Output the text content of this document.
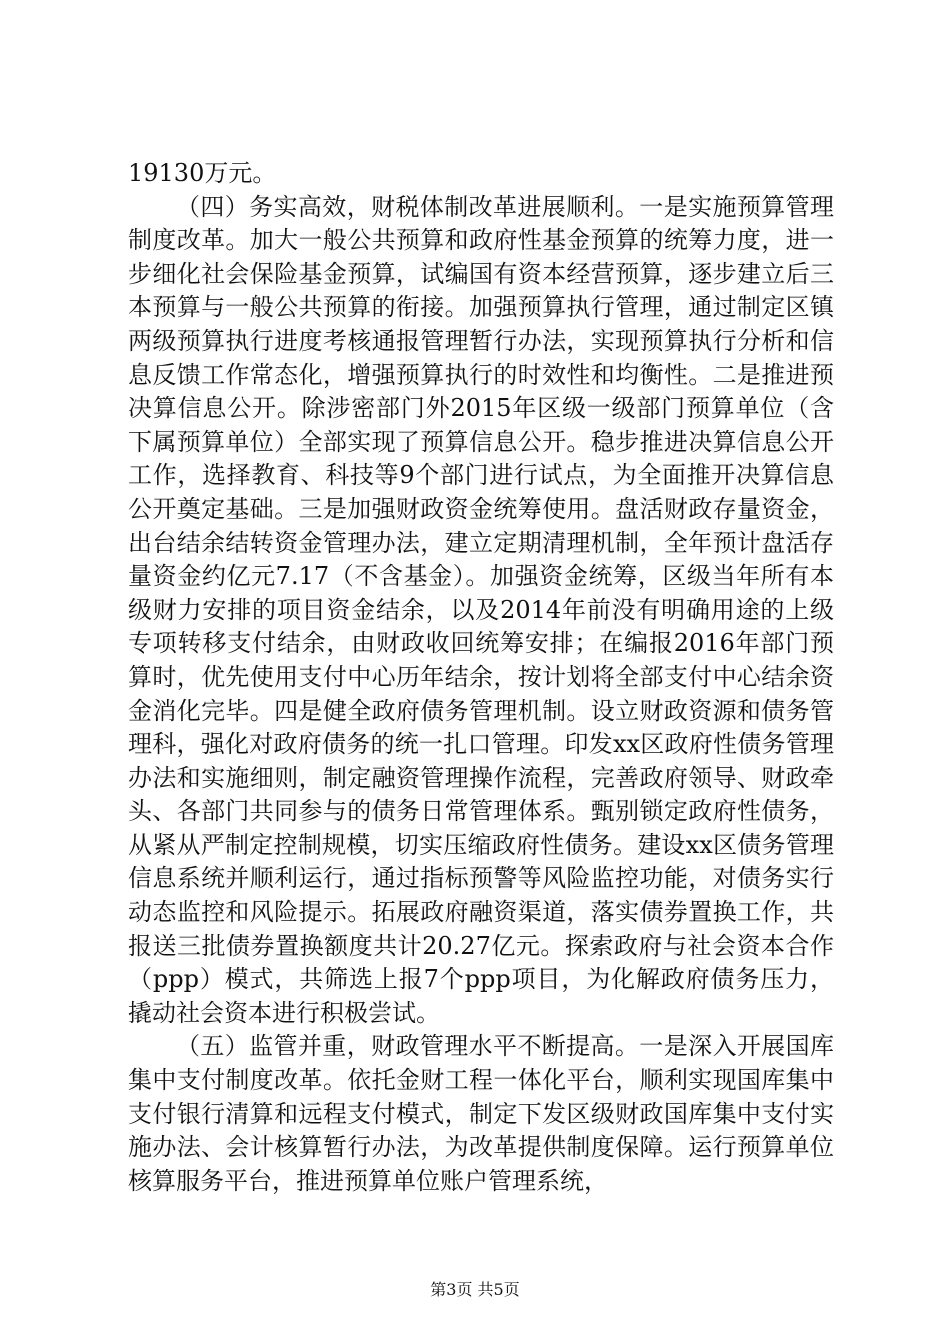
19130万元。

（四）务实高效，财税体制改革进展顺利。一是实施预算管理制度改革。加大一般公共预算和政府性基金预算的统筹力度，进一步细化社会保险基金预算，试编国有资本经营预算，逐步建立后三本预算与一般公共预算的衔接。加强预算执行管理，通过制定区镇两级预算执行进度考核通报管理暂行办法，实现预算执行分析和信息反馈工作常态化，增强预算执行的时效性和均衡性。二是推进预决算信息公开。除涉密部门外2015年区级一级部门预算单位（含下属预算单位）全部实现了预算信息公开。稳步推进决算信息公开工作，选择教育、科技等9个部门进行试点，为全面推开决算信息公开奠定基础。三是加强财政资金统筹使用。盘活财政存量资金，出台结余结转资金管理办法，建立定期清理机制，全年预计盘活存量资金约亿元7.17（不含基金）。加强资金统筹，区级当年所有本级财力安排的项目资金结余，以及2014年前没有明确用途的上级专项转移支付结余，由财政收回统筹安排；在编报2016年部门预算时，优先使用支付中心历年结余，按计划将全部支付中心结余资金消化完毕。四是健全政府债务管理机制。设立财政资源和债务管理科，强化对政府债务的统一扎口管理。印发xx区政府性债务管理办法和实施细则，制定融资管理操作流程，完善政府领导、财政牵头、各部门共同参与的债务日常管理体系。甄别锁定政府性债务，从紧从严制定控制规模，切实压缩政府性债务。建设xx区债务管理信息系统并顺利运行，通过指标预警等风险监控功能，对债务实行动态监控和风险提示。拓展政府融资渠道，落实债券置换工作，共报送三批债券置换额度共计20.27亿元。探索政府与社会资本合作（ppp）模式，共筛选上报7个ppp项目，为化解政府债务压力，撬动社会资本进行积极尝试。

（五）监管并重，财政管理水平不断提高。一是深入开展国库集中支付制度改革。依托金财工程一体化平台，顺利实现国库集中支付银行清算和远程支付模式，制定下发区级财政国库集中支付实施办法、会计核算暂行办法，为改革提供制度保障。运行预算单位核算服务平台，推进预算单位账户管理系统，

第3页 共5页
